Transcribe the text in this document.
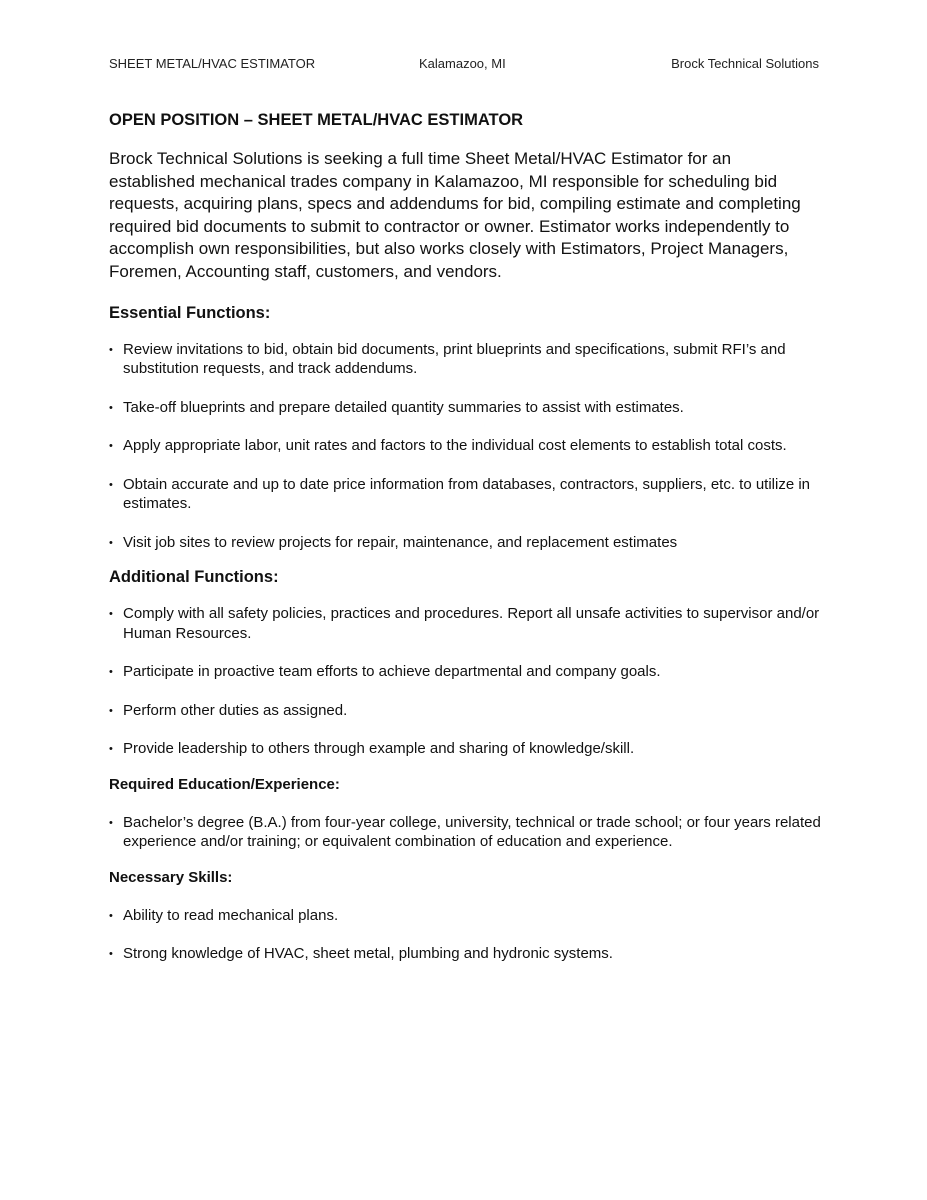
SHEET METAL/HVAC ESTIMATOR	Kalamazoo, MI	Brock Technical Solutions
OPEN POSITION – SHEET METAL/HVAC ESTIMATOR
Brock Technical Solutions is seeking a full time Sheet Metal/HVAC Estimator for an established mechanical trades company in Kalamazoo, MI responsible for scheduling bid requests, acquiring plans, specs and addendums for bid, compiling estimate and completing required bid documents to submit to contractor or owner. Estimator works independently to accomplish own responsibilities, but also works closely with Estimators, Project Managers, Foremen, Accounting staff, customers, and vendors.
Essential Functions:
• Review invitations to bid, obtain bid documents, print blueprints and specifications, submit RFI’s and substitution requests, and track addendums.
• Take-off blueprints and prepare detailed quantity summaries to assist with estimates.
• Apply appropriate labor, unit rates and factors to the individual cost elements to establish total costs.
• Obtain accurate and up to date price information from databases, contractors, suppliers, etc. to utilize in estimates.
• Visit job sites to review projects for repair, maintenance, and replacement estimates
Additional Functions:
• Comply with all safety policies, practices and procedures. Report all unsafe activities to supervisor and/or Human Resources.
• Participate in proactive team efforts to achieve departmental and company goals.
• Perform other duties as assigned.
• Provide leadership to others through example and sharing of knowledge/skill.
Required Education/Experience:
• Bachelor’s degree (B.A.) from four-year college, university, technical or trade school; or four years related experience and/or training; or equivalent combination of education and experience.
Necessary Skills:
• Ability to read mechanical plans.
• Strong knowledge of HVAC, sheet metal, plumbing and hydronic systems.
